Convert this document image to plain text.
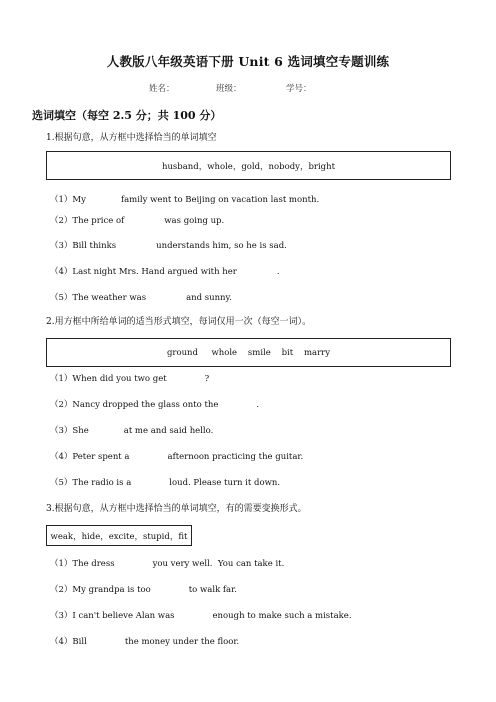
人教版八年级英语下册 Unit 6 选词填空专题训练
姓名：	班级：	学号：
选词填空（每空 2.5 分；共 100 分）
1.根据句意，从方框中选择恰当的单词填空
husband，whole，gold，nobody，bright
（1）My	family went to Beijing on vacation last month.
（2）The price of	was going up.
（3）Bill thinks	understands him, so he is sad.
（4）Last night Mrs. Hand argued with her	.
（5）The weather was	and sunny.
2.用方框中所给单词的适当形式填空，每词仅用一次（每空一词）。
ground     whole    smile    bit    marry
（1）When did you two get	?
（2）Nancy dropped the glass onto the	.
（3）She	at me and said hello.
（4）Peter spent a	afternoon practicing the guitar.
（5）The radio is a	loud. Please turn it down.
3.根据句意，从方框中选择恰当的单词填空，有的需要变换形式。
weak，hide，excite，stupid，fit
（1）The dress	you very well.  You can take it.
（2）My grandpa is too	to walk far.
（3）I can't believe Alan was	enough to make such a mistake.
（4）Bill	the money under the floor.
